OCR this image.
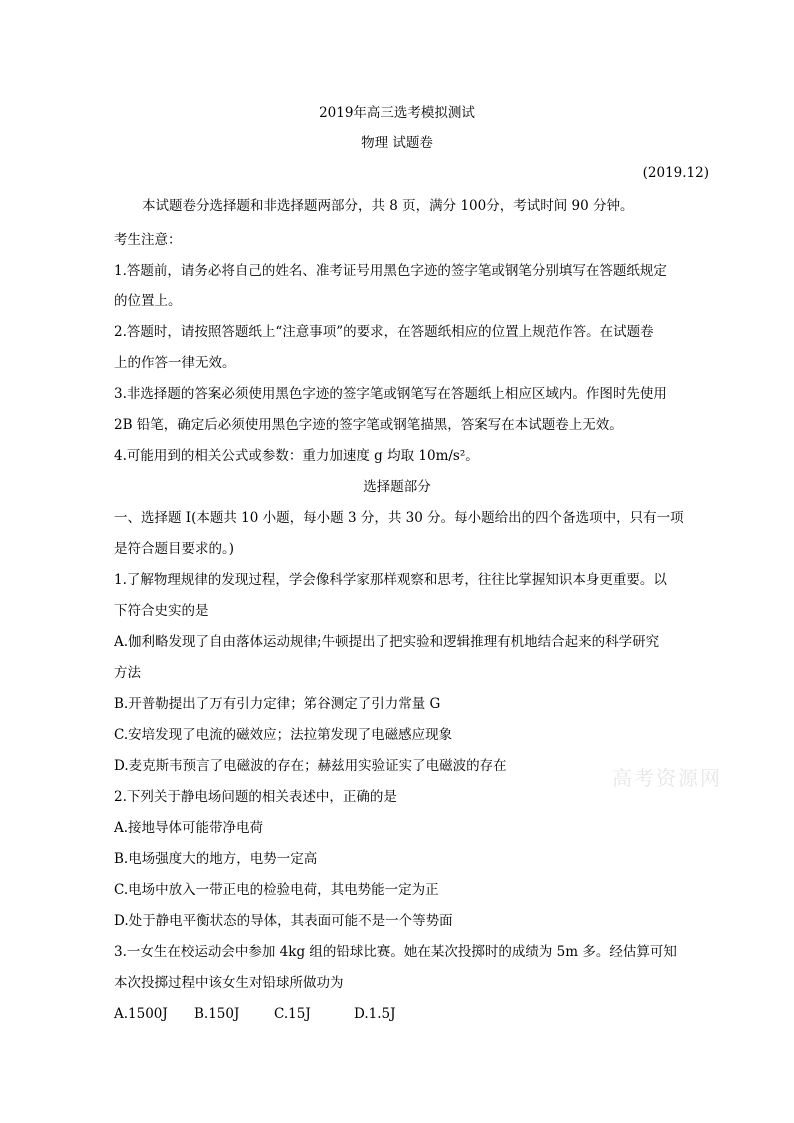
2019年高三选考模拟测试
物理 试题卷
(2019.12)
本试题卷分选择题和非选择题两部分，共 8 页，满分 100分，考试时间 90 分钟。
考生注意：
1.答题前，请务必将自己的姓名、准考证号用黑色字迹的签字笔或钢笔分别填写在答题纸规定
的位置上。
2.答题时，请按照答题纸上“注意事项”的要求，在答题纸相应的位置上规范作答。在试题卷
上的作答一律无效。
3.非选择题的答案必须使用黑色字迹的签字笔或钢笔写在答题纸上相应区域内。作图时先使用
2B 铅笔，确定后必须使用黑色字迹的签字笔或钢笔描黑，答案写在本试题卷上无效。
4.可能用到的相关公式或参数：重力加速度 g 均取 10m/s²。
选择题部分
一、选择题 I(本题共 10 小题，每小题 3 分，共 30 分。每小题给出的四个备选项中，只有一项
是符合题目要求的。)
1.了解物理规律的发现过程，学会像科学家那样观察和思考，往往比掌握知识本身更重要。以
下符合史实的是
A.伽利略发现了自由落体运动规律;牛顿提出了把实验和逻辑推理有机地结合起来的科学研究
方法
B.开普勒提出了万有引力定律；笫谷测定了引力常量 G
C.安培发现了电流的磁效应；法拉第发现了电磁感应现象
D.麦克斯韦预言了电磁波的存在；赫兹用实验证实了电磁波的存在	高考资源网
2.下列关于静电场问题的相关表述中，正确的是
A.接地导体可能带净电荷
B.电场强度大的地方，电势一定高
C.电场中放入一带正电的检验电荷，其电势能一定为正
D.处于静电平衡状态的导体，其表面可能不是一个等势面
3.一女生在校运动会中参加 4kg 组的铅球比赛。她在某次投掷时的成绩为 5m 多。经估算可知
本次投掷过程中该女生对铅球所做功为
A.1500J B.150J	C.15J	D.1.5J
